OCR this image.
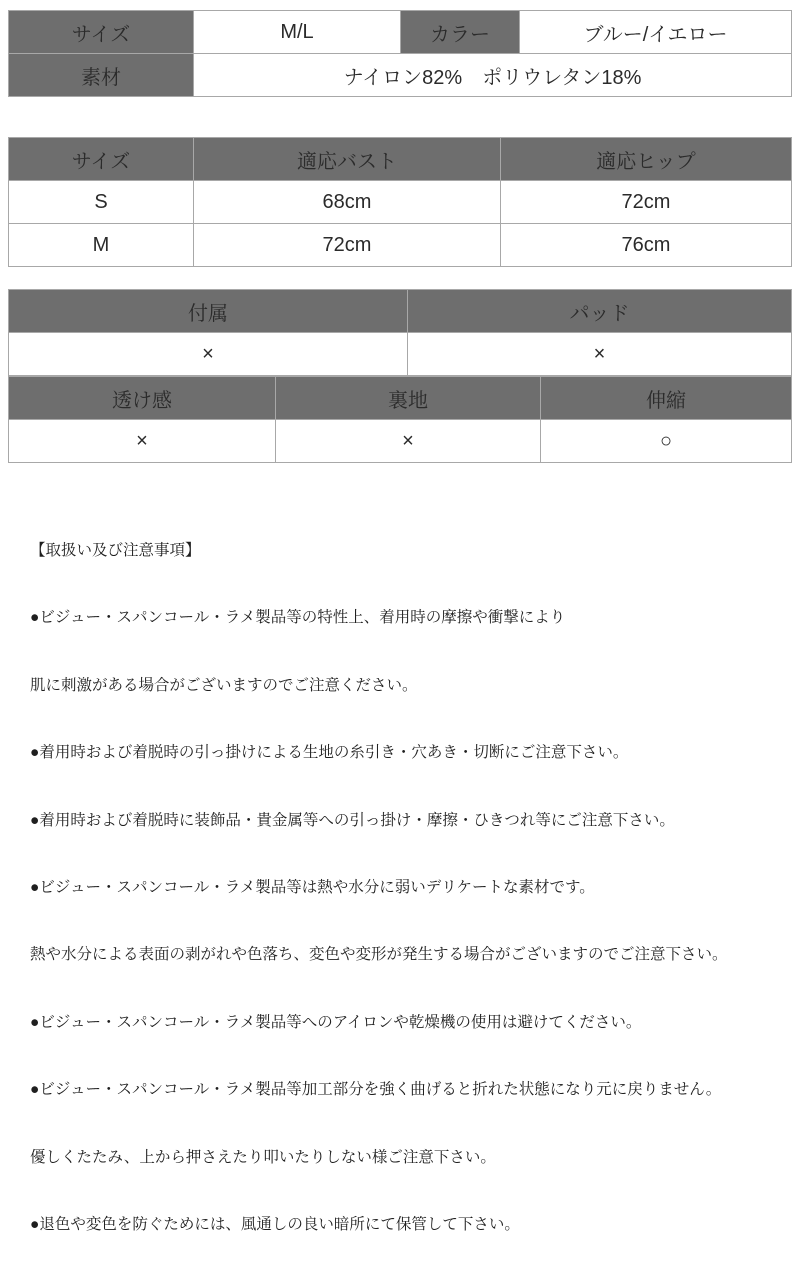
サイズ	M/L	カラー	ブルー/イエロー
素材	ナイロン82%　ポリウレタン18%		
サイズ	適応バスト	適応ヒップ
S	68cm	72cm
M	72cm	76cm
付属	パッド
×	×
透け感	裏地	伸縮
×	×	○

【取扱い及び注意事項】

●ビジュー・スパンコール・ラメ製品等の特性上、着用時の摩擦や衝撃により

肌に刺激がある場合がございますのでご注意ください。

●着用時および着脱時の引っ掛けによる生地の糸引き・穴あき・切断にご注意下さい。

●着用時および着脱時に装飾品・貴金属等への引っ掛け・摩擦・ひきつれ等にご注意下さい。

●ビジュー・スパンコール・ラメ製品等は熱や水分に弱いデリケートな素材です。

熱や水分による表面の剥がれや色落ち、変色や変形が発生する場合がございますのでご注意下さい。

●ビジュー・スパンコール・ラメ製品等へのアイロンや乾燥機の使用は避けてください。

●ビジュー・スパンコール・ラメ製品等加工部分を強く曲げると折れた状態になり元に戻りません。

優しくたたみ、上から押さえたり叩いたりしない様ご注意下さい。

●退色や変色を防ぐためには、風通しの良い暗所にて保管して下さい。
